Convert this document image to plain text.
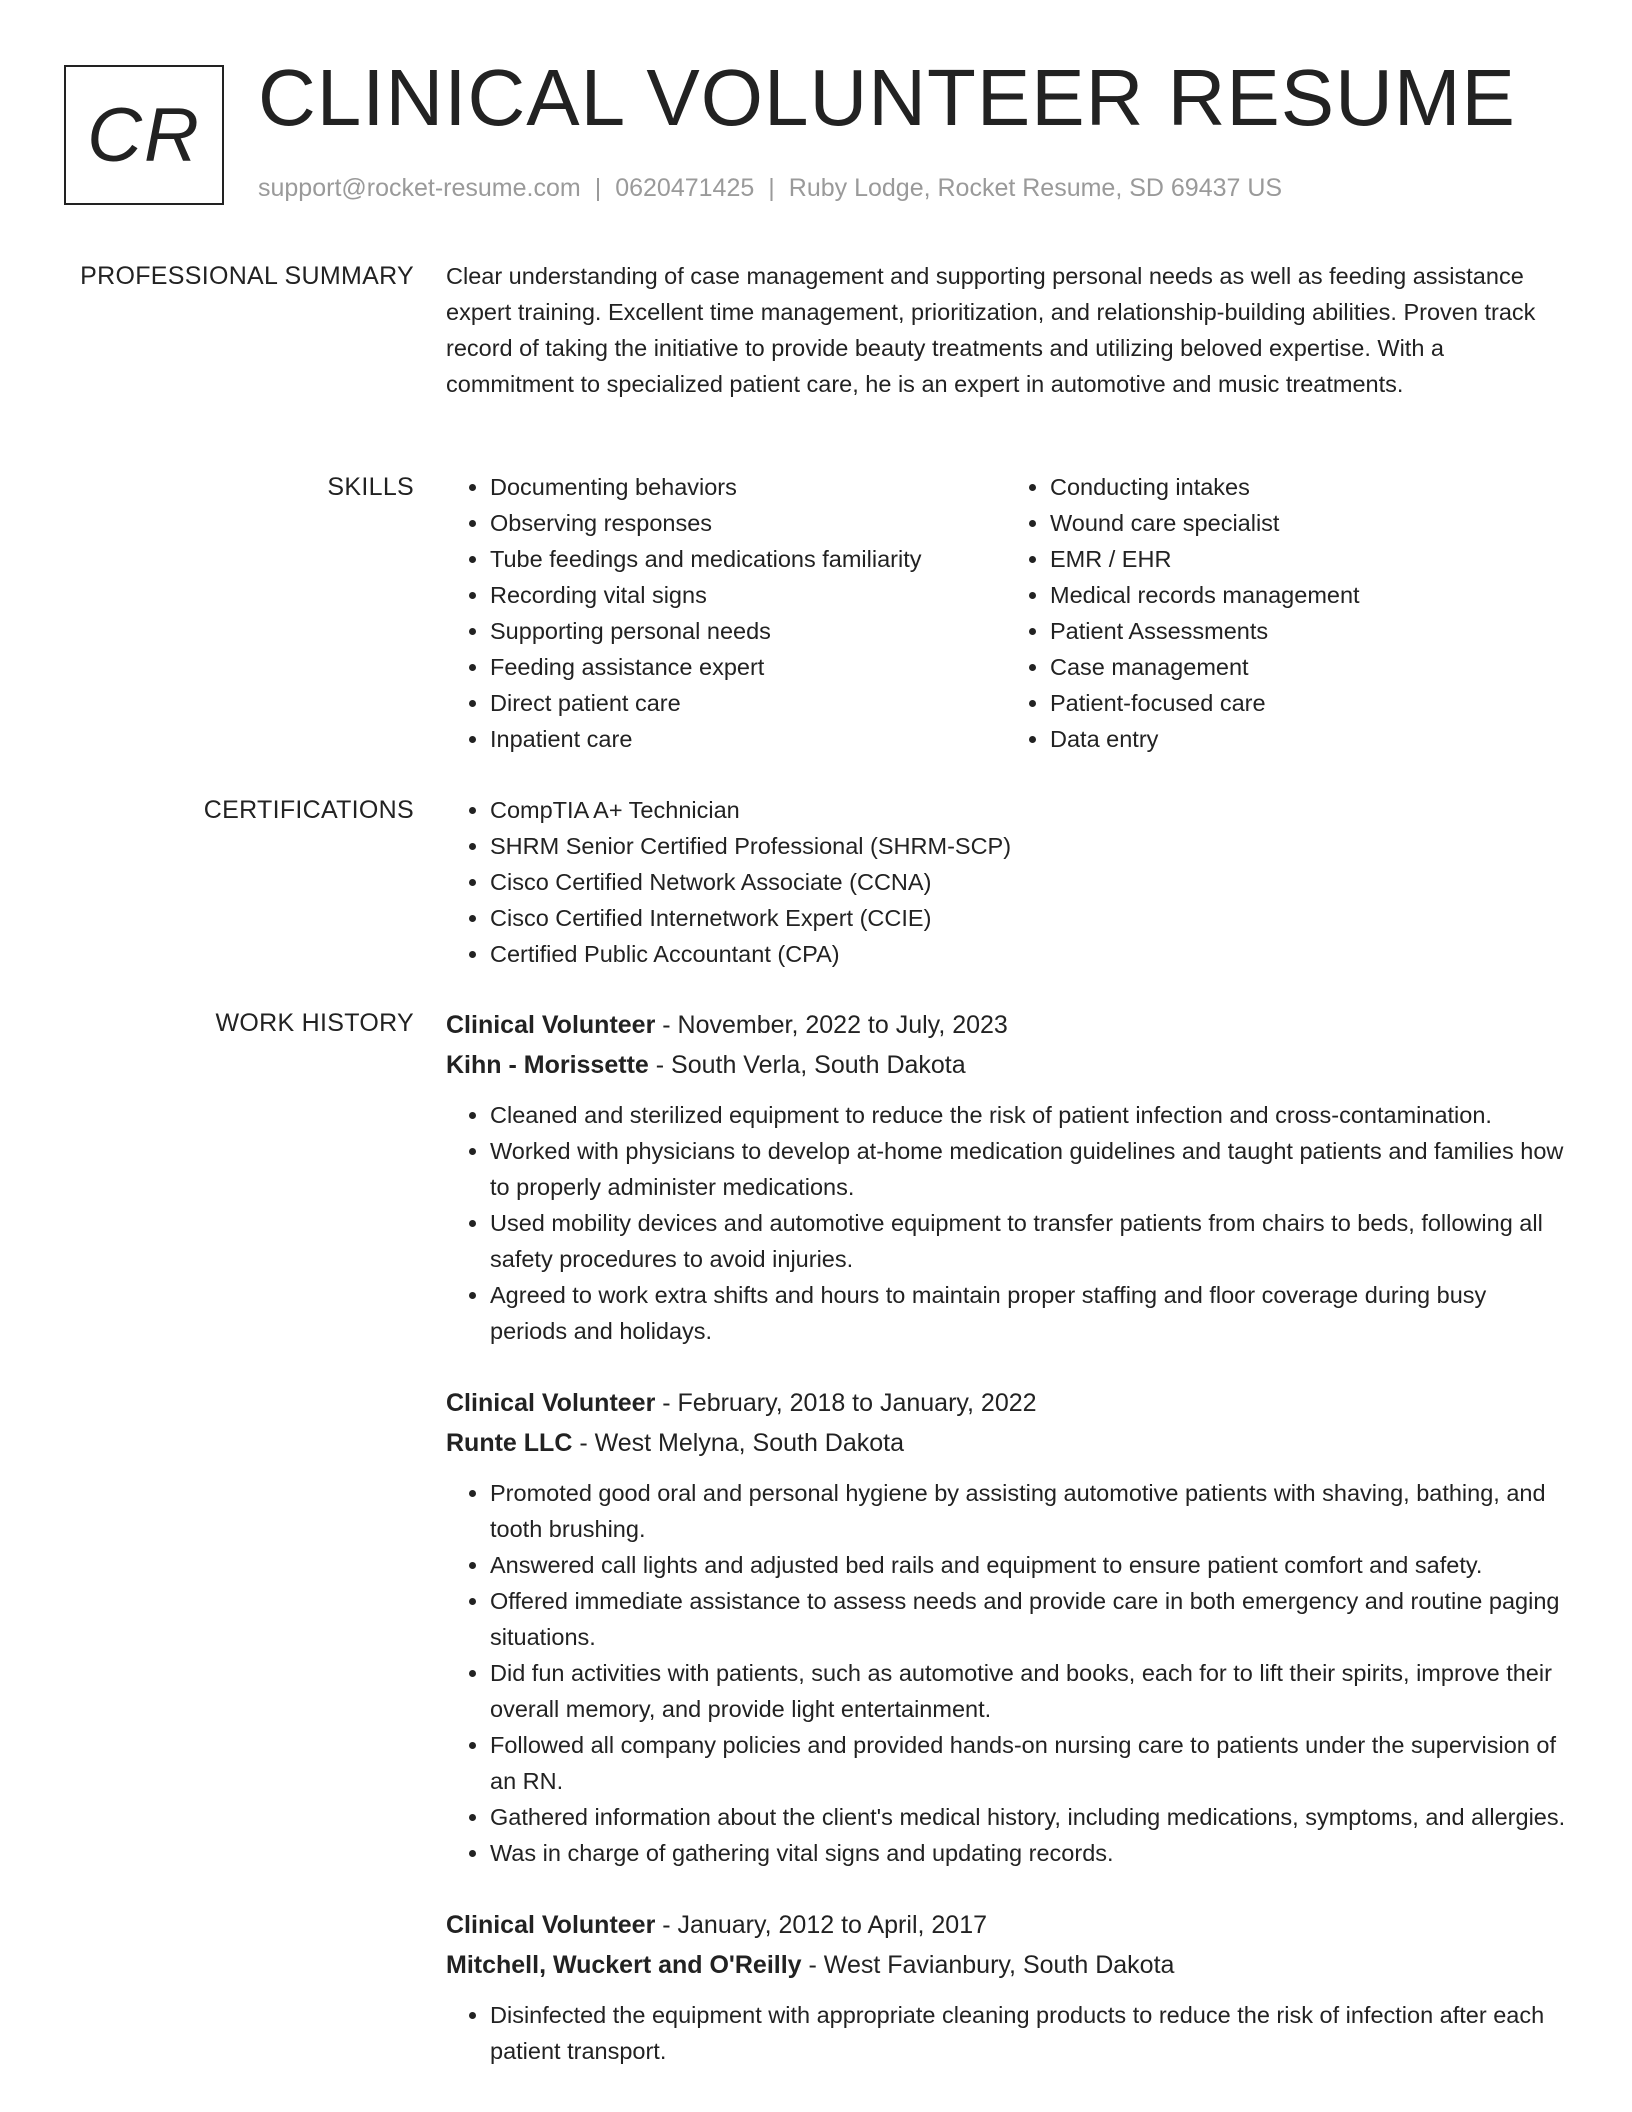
CR CLINICAL VOLUNTEER RESUME
support@rocket-resume.com | 0620471425 | Ruby Lodge, Rocket Resume, SD 69437 US
PROFESSIONAL SUMMARY Clear understanding of case management and supporting personal needs as well as feeding assistance expert training. Excellent time management, prioritization, and relationship-building abilities. Proven track record of taking the initiative to provide beauty treatments and utilizing beloved expertise. With a commitment to specialized patient care, he is an expert in automotive and music treatments.

SKILLS	• Documenting behaviors
• Observing responses
• Tube feedings and medications familiarity
• Recording vital signs
• Supporting personal needs
• Feeding assistance expert
• Direct patient care
• Inpatient care
• Conducting intakes
• Wound care specialist
• EMR / EHR
• Medical records management
• Patient Assessments
• Case management
• Patient-focused care
• Data entry
CERTIFICATIONS	• CompTIA A+ Technician
• SHRM Senior Certified Professional (SHRM-SCP)
• Cisco Certified Network Associate (CCNA)
• Cisco Certified Internetwork Expert (CCIE)
• Certified Public Accountant (CPA)
WORK HISTORY Clinical Volunteer - November, 2022 to July, 2023
Kihn - Morissette - South Verla, South Dakota
• Cleaned and sterilized equipment to reduce the risk of patient infection and cross-contamination.
• Worked with physicians to develop at-home medication guidelines and taught patients and families how to properly administer medications.
• Used mobility devices and automotive equipment to transfer patients from chairs to beds, following all safety procedures to avoid injuries.
• Agreed to work extra shifts and hours to maintain proper staffing and floor coverage during busy periods and holidays.
Clinical Volunteer - February, 2018 to January, 2022
Runte LLC - West Melyna, South Dakota
• Promoted good oral and personal hygiene by assisting automotive patients with shaving, bathing, and tooth brushing.
• Answered call lights and adjusted bed rails and equipment to ensure patient comfort and safety.
• Offered immediate assistance to assess needs and provide care in both emergency and routine paging situations.
• Did fun activities with patients, such as automotive and books, each for to lift their spirits, improve their overall memory, and provide light entertainment.
• Followed all company policies and provided hands-on nursing care to patients under the supervision of an RN.
• Gathered information about the client's medical history, including medications, symptoms, and allergies.
• Was in charge of gathering vital signs and updating records.
Clinical Volunteer - January, 2012 to April, 2017
Mitchell, Wuckert and O'Reilly - West Favianbury, South Dakota
• Disinfected the equipment with appropriate cleaning products to reduce the risk of infection after each patient transport.
